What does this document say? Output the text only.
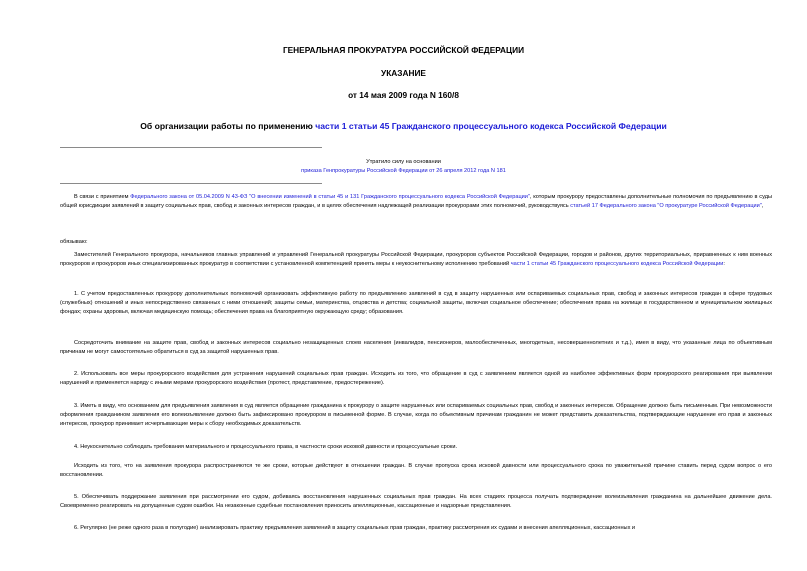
ГЕНЕРАЛЬНАЯ ПРОКУРАТУРА РОССИЙСКОЙ ФЕДЕРАЦИИ
УКАЗАНИЕ
от 14 мая 2009 года N 160/8
Об организации работы по применению части 1 статьи 45 Гражданского процессуального кодекса Российской Федерации
Утратило силу на основании
приказа Генпрокуратуры Российской Федерации от 26 апреля 2012 года N 181
В связи с принятием Федерального закона от 05.04.2009 N 43-ФЗ "О внесении изменений в статьи 45 и 131 Гражданского процессуального кодекса Российской Федерации", которым прокурору предоставлены дополнительные полномочия по предъявлению в суды общей юрисдикции заявлений в защиту социальных прав, свобод и законных интересов граждан, и в целях обеспечения надлежащей реализации прокурорами этих полномочий, руководствуясь статьей 17 Федерального закона "О прокуратуре Российской Федерации",
обязываю:
Заместителей Генерального прокурора, начальников главных управлений и управлений Генеральной прокуратуры Российской Федерации, прокуроров субъектов Российской Федерации, городов и районов, других территориальных, приравненных к ним военных прокуроров и прокуроров иных специализированных прокуратур в соответствии с установленной компетенцией принять меры к неукоснительному исполнению требований части 1 статьи 45 Гражданского процессуального кодекса Российской Федерации:
1. С учетом предоставленных прокурору дополнительных полномочий организовать эффективную работу по предъявлению заявлений в суд в защиту нарушенных или оспариваемых социальных прав, свобод и законных интересов граждан в сфере трудовых (служебных) отношений и иных непосредственно связанных с ними отношений; защиты семьи, материнства, отцовства и детства; социальной защиты, включая социальное обеспечение; обеспечения права на жилище в государственном и муниципальном жилищных фондах; охраны здоровья, включая медицинскую помощь; обеспечения права на благоприятную окружающую среду; образования.
Сосредоточить внимание на защите прав, свобод и законных интересов социально незащищенных слоев населения (инвалидов, пенсионеров, малообеспеченных, многодетных, несовершеннолетних и т.д.), имея в виду, что указанные лица по объективным причинам не могут самостоятельно обратиться в суд за защитой нарушенных прав.
2. Использовать все меры прокурорского воздействия для устранения нарушений социальных прав граждан. Исходить из того, что обращение в суд с заявлением является одной из наиболее эффективных форм прокурорского реагирования при выявлении нарушений и применяется наряду с иными мерами прокурорского воздействия (протест, представление, предостережение).
3. Иметь в виду, что основанием для предъявления заявления в суд является обращение гражданина к прокурору о защите нарушенных или оспариваемых социальных прав, свобод и законных интересов. Обращение должно быть письменным. При невозможности оформления гражданином заявления его волеизъявление должно быть зафиксировано прокурором в письменной форме. В случае, когда по объективным причинам гражданин не может представить доказательства, подтверждающие нарушение его прав и законных интересов, прокурор принимает исчерпывающие меры к сбору необходимых доказательств.
4. Неукоснительно соблюдать требования материального и процессуального права, в частности сроки исковой давности и процессуальные сроки.
Исходить из того, что на заявления прокурора распространяются те же сроки, которые действуют в отношении граждан. В случае пропуска срока исковой давности или процессуального срока по уважительной причине ставить перед судом вопрос о его восстановлении.
5. Обеспечивать поддержание заявления при рассмотрении его судом, добиваясь восстановления нарушенных социальных прав граждан. На всех стадиях процесса получать подтверждение волеизъявления гражданина на дальнейшее движение дела. Своевременно реагировать на допущенные судом ошибки. На незаконные судебные постановления приносить апелляционные, кассационные и надзорные представления.
6. Регулярно (не реже одного раза в полугодие) анализировать практику предъявления заявлений в защиту социальных прав граждан, практику рассмотрения их судами и внесения апелляционных, кассационных и
